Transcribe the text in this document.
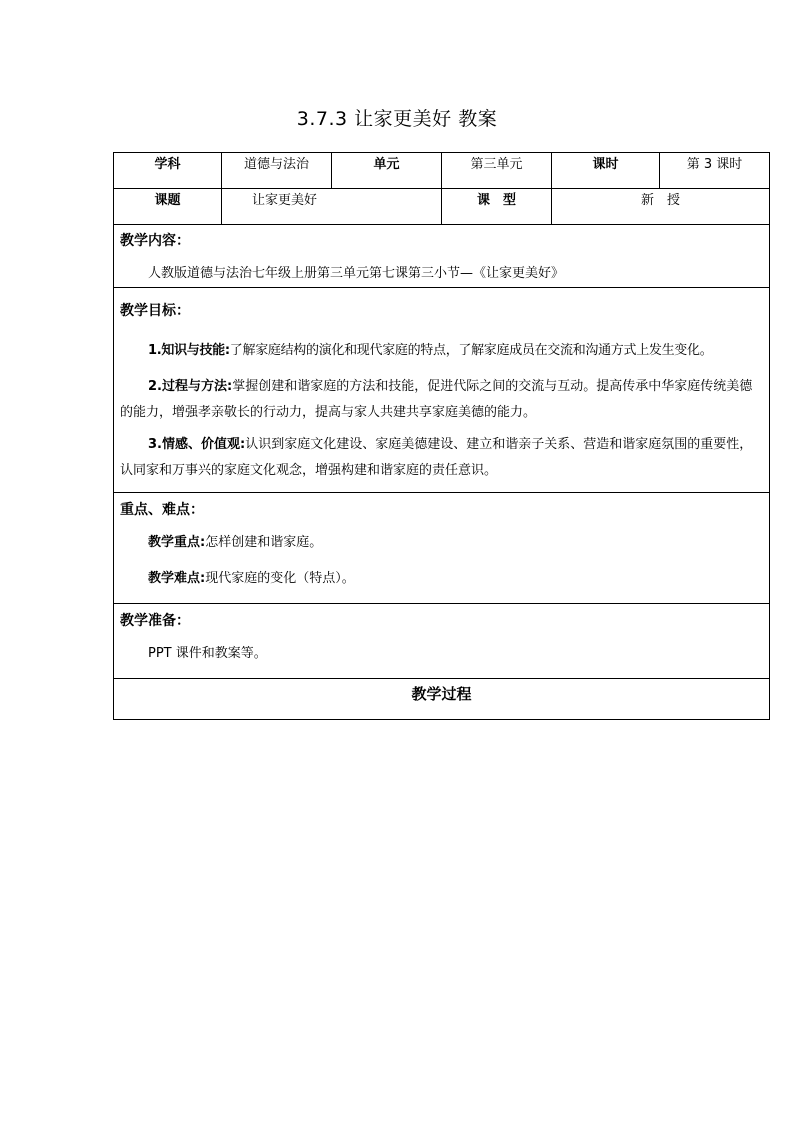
3.7.3 让家更美好 教案
学科	道德与法治	单元	第三单元	课时	第 3 课时
课题	让家更美好		课　型	新　授	

教学内容：
人教版道德与法治七年级上册第三单元第七课第三小节—《让家更美好》					

教学目标：
1.知识与技能:了解家庭结构的演化和现代家庭的特点，了解家庭成员在交流和沟通方式上发生变化。
2.过程与方法:掌握创建和谐家庭的方法和技能，促进代际之间的交流与互动。提高传承中华家庭传统美德的能力，增强孝亲敬长的行动力，提高与家人共建共享家庭美德的能力。
3.情感、价值观:认识到家庭文化建设、家庭美德建设、建立和谐亲子关系、营造和谐家庭氛围的重要性，认同家和万事兴的家庭文化观念，增强构建和谐家庭的责任意识。					

重点、难点：
教学重点:怎样创建和谐家庭。
教学难点:现代家庭的变化（特点）。					

教学准备：
PPT 课件和教案等。					

教学过程					
